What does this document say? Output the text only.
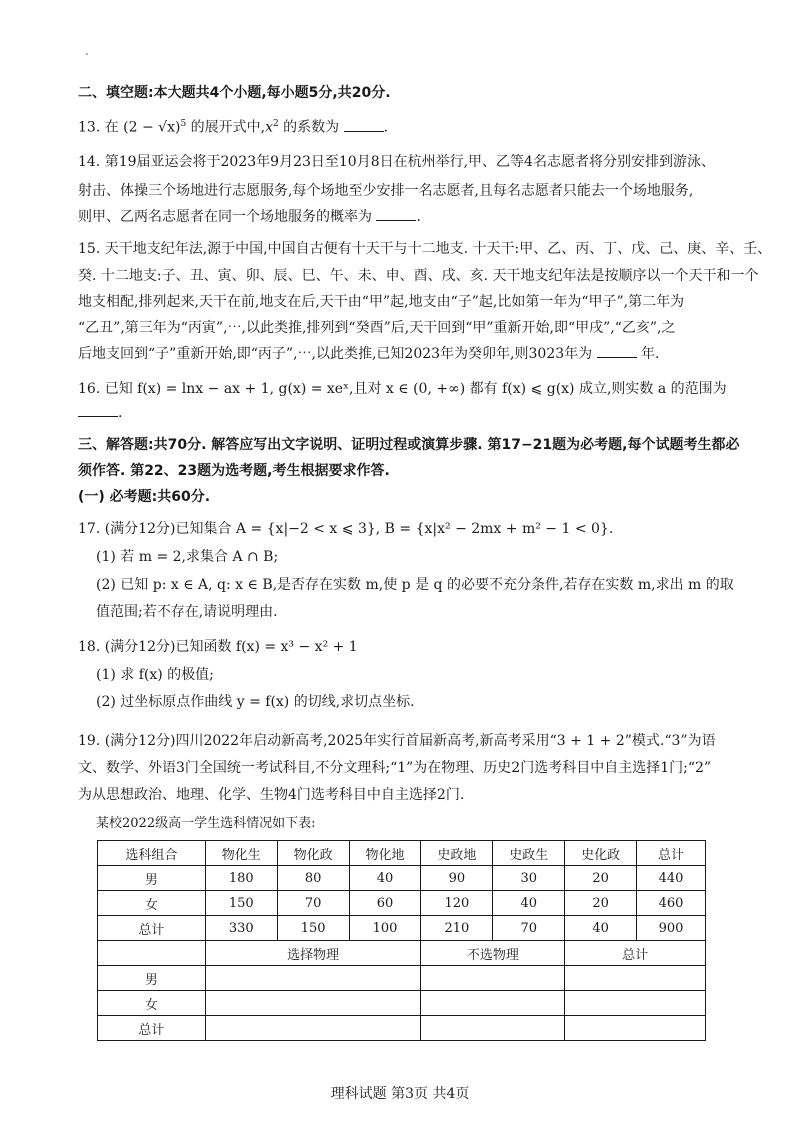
二、填空题:本大题共4个小题,每小题5分,共20分.
13. 在 $(2 - √x)^5$ 的展开式中$,x^2$ 的系数为	.
14. 第19届亚运会将于2023年9月23日至10月8日在杭州举行,甲、乙等4名志愿者将分别安排到游泳、
射击、体操三个场地进行志愿服务,每个场地至少安排一名志愿者,且每名志愿者只能去一个场地服务,
则甲、乙两名志愿者在同一个场地服务的概率为	.
15. 天干地支纪年法,源于中国,中国自古便有十天干与十二地支. 十天干:甲、乙、丙、丁、戊、己、庚、辛、壬、
癸. 十二地支:子、丑、寅、卯、辰、巳、午、未、申、酉、戌、亥. 天干地支纪年法是按顺序以一个天干和一个
地支相配,排列起来,天干在前,地支在后,天干由“甲”起,地支由“子”起,比如第一年为“甲子”,第二年为
“乙丑”,第三年为“丙寅”,⋯,以此类推,排列到“癸酉”后,天干回到“甲”重新开始,即“甲戌”,“乙亥”,之
后地支回到“子”重新开始,即“丙子”,⋯,以此类推,已知2023年为癸卯年,则3023年为	年.
16. 已知 f(x) = lnx − ax + 1, g(x) = xeˣ,且对 x ∈ (0, +∞) 都有 f(x) ⩽ g(x) 成立,则实数 a 的范围为
.
三、解答题:共70分. 解答应写出文字说明、证明过程或演算步骤. 第17−21题为必考题,每个试题考生都必
须作答. 第22、23题为选考题,考生根据要求作答.
(一) 必考题:共60分.
17. (满分12分)已知集合 A = {x|−2 < x ⩽ 3}, B = {x|x² − 2mx + m² − 1 < 0}.
(1) 若 m = 2,求集合 A ∩ B;
(2) 已知 p: x ∈ A, q: x ∈ B,是否存在实数 m,使 p 是 q 的必要不充分条件,若存在实数 m,求出 m 的取
值范围;若不存在,请说明理由.
18. (满分12分)已知函数 f(x) = x³ − x² + 1
(1) 求 f(x) 的极值;
(2) 过坐标原点作曲线 y = f(x) 的切线,求切点坐标.
19. (满分12分)四川2022年启动新高考,2025年实行首届新高考,新高考采用“3 + 1 + 2”模式.“3”为语
文、数学、外语3门全国统一考试科目,不分文理科;“1”为在物理、历史2门选考科目中自主选择1门;“2”
为从思想政治、地理、化学、生物4门选考科目中自主选择2门.
某校2022级高一学生选科情况如下表:
选科组合	物化生	物化政	物化地	史政地	史政生	史化政	总计
男	180	80	40	90	30	20	440
女	150	70	60	120	40	20	460
总计	330	150	100	210	70	40	900
	选择物理			不选物理		总计	
男							
女							
总计							
理科试题 第3页 共4页
